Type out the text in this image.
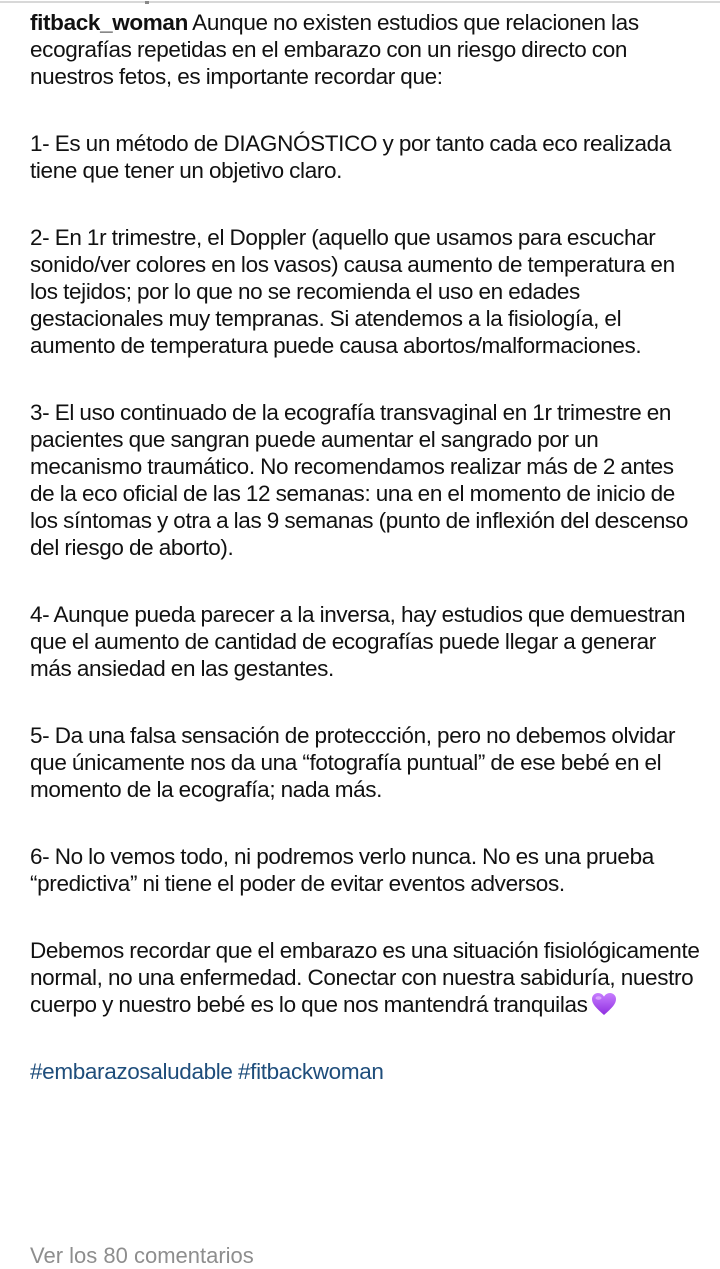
fitback_woman Aunque no existen estudios que relacionen las ecografías repetidas en el embarazo con un riesgo directo con nuestros fetos, es importante recordar que:

1- Es un método de DIAGNÓSTICO y por tanto cada eco realizada tiene que tener un objetivo claro.

2- En 1r trimestre, el Doppler (aquello que usamos para escuchar sonido/ver colores en los vasos) causa aumento de temperatura en los tejidos; por lo que no se recomienda el uso en edades gestacionales muy tempranas. Si atendemos a la fisiología, el aumento de temperatura puede causa abortos/malformaciones.

3- El uso continuado de la ecografía transvaginal en 1r trimestre en pacientes que sangran puede aumentar el sangrado por un mecanismo traumático. No recomendamos realizar más de 2 antes de la eco oficial de las 12 semanas: una en el momento de inicio de los síntomas y otra a las 9 semanas (punto de inflexión del descenso del riesgo de aborto).

4- Aunque pueda parecer a la inversa, hay estudios que demuestran que el aumento de cantidad de ecografías puede llegar a generar más ansiedad en las gestantes.

5- Da una falsa sensación de proteccción, pero no debemos olvidar que únicamente nos da una “fotografía puntual” de ese bebé en el momento de la ecografía; nada más.

6- No lo vemos todo, ni podremos verlo nunca. No es una prueba “predictiva” ni tiene el poder de evitar eventos adversos.

Debemos recordar que el embarazo es una situación fisiológicamente normal, no una enfermedad. Conectar con nuestra sabiduría, nuestro cuerpo y nuestro bebé es lo que nos mantendrá tranquilas

#embarazosaludable #fitbackwoman

Ver los 80 comentarios
